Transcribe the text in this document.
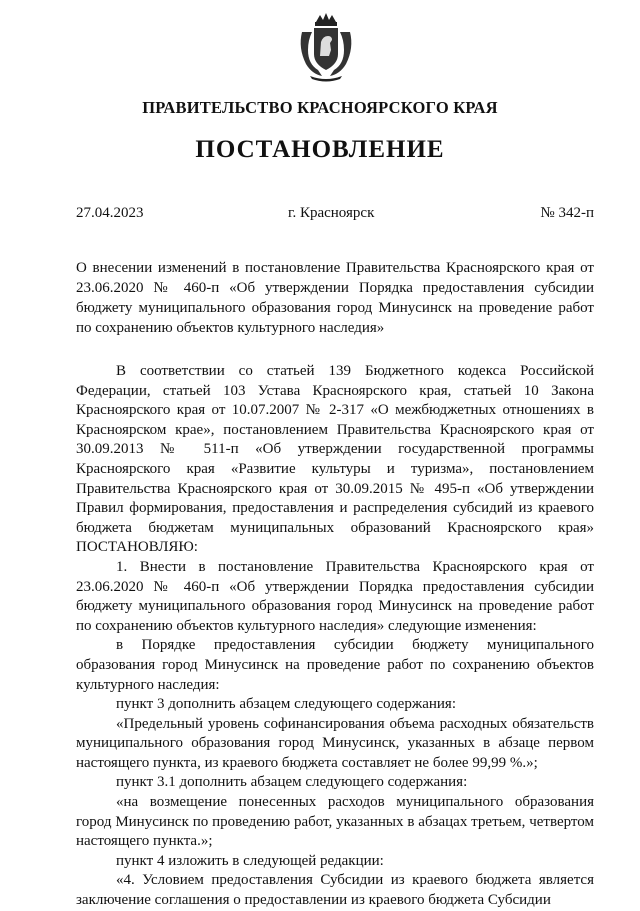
ПРАВИТЕЛЬСТВО КРАСНОЯРСКОГО КРАЯ
ПОСТАНОВЛЕНИЕ
27.04.2023	г. Красноярск	№ 342-п
О внесении изменений в постановление Правительства Красноярского края от 23.06.2020 № 460-п «Об утверждении Порядка предоставления субсидии бюджету муниципального образования город Минусинск на проведение работ по сохранению объектов культурного наследия»

В соответствии со статьей 139 Бюджетного кодекса Российской Федерации, статьей 103 Устава Красноярского края, статьей 10 Закона Красноярского края от 10.07.2007 № 2-317 «О межбюджетных отношениях в Красноярском крае», постановлением Правительства Красноярского края от 30.09.2013 № 511-п «Об утверждении государственной программы Красноярского края «Развитие культуры и туризма», постановлением Правительства Красноярского края от 30.09.2015 № 495-п «Об утверждении Правил формирования, предоставления и распределения субсидий из краевого бюджета бюджетам муниципальных образований Красноярского края» ПОСТАНОВЛЯЮ:

1. Внести в постановление Правительства Красноярского края от 23.06.2020 № 460-п «Об утверждении Порядка предоставления субсидии бюджету муниципального образования город Минусинск на проведение работ по сохранению объектов культурного наследия» следующие изменения:

в Порядке предоставления субсидии бюджету муниципального образования город Минусинск на проведение работ по сохранению объектов культурного наследия:

пункт 3 дополнить абзацем следующего содержания:

«Предельный уровень софинансирования объема расходных обязательств муниципального образования город Минусинск, указанных в абзаце первом настоящего пункта, из краевого бюджета составляет не более 99,99 %.»;

пункт 3.1 дополнить абзацем следующего содержания:

«на возмещение понесенных расходов муниципального образования город Минусинск по проведению работ, указанных в абзацах третьем, четвертом настоящего пункта.»;

пункт 4 изложить в следующей редакции:

«4. Условием предоставления Субсидии из краевого бюджета является заключение соглашения о предоставлении из краевого бюджета Субсидии
